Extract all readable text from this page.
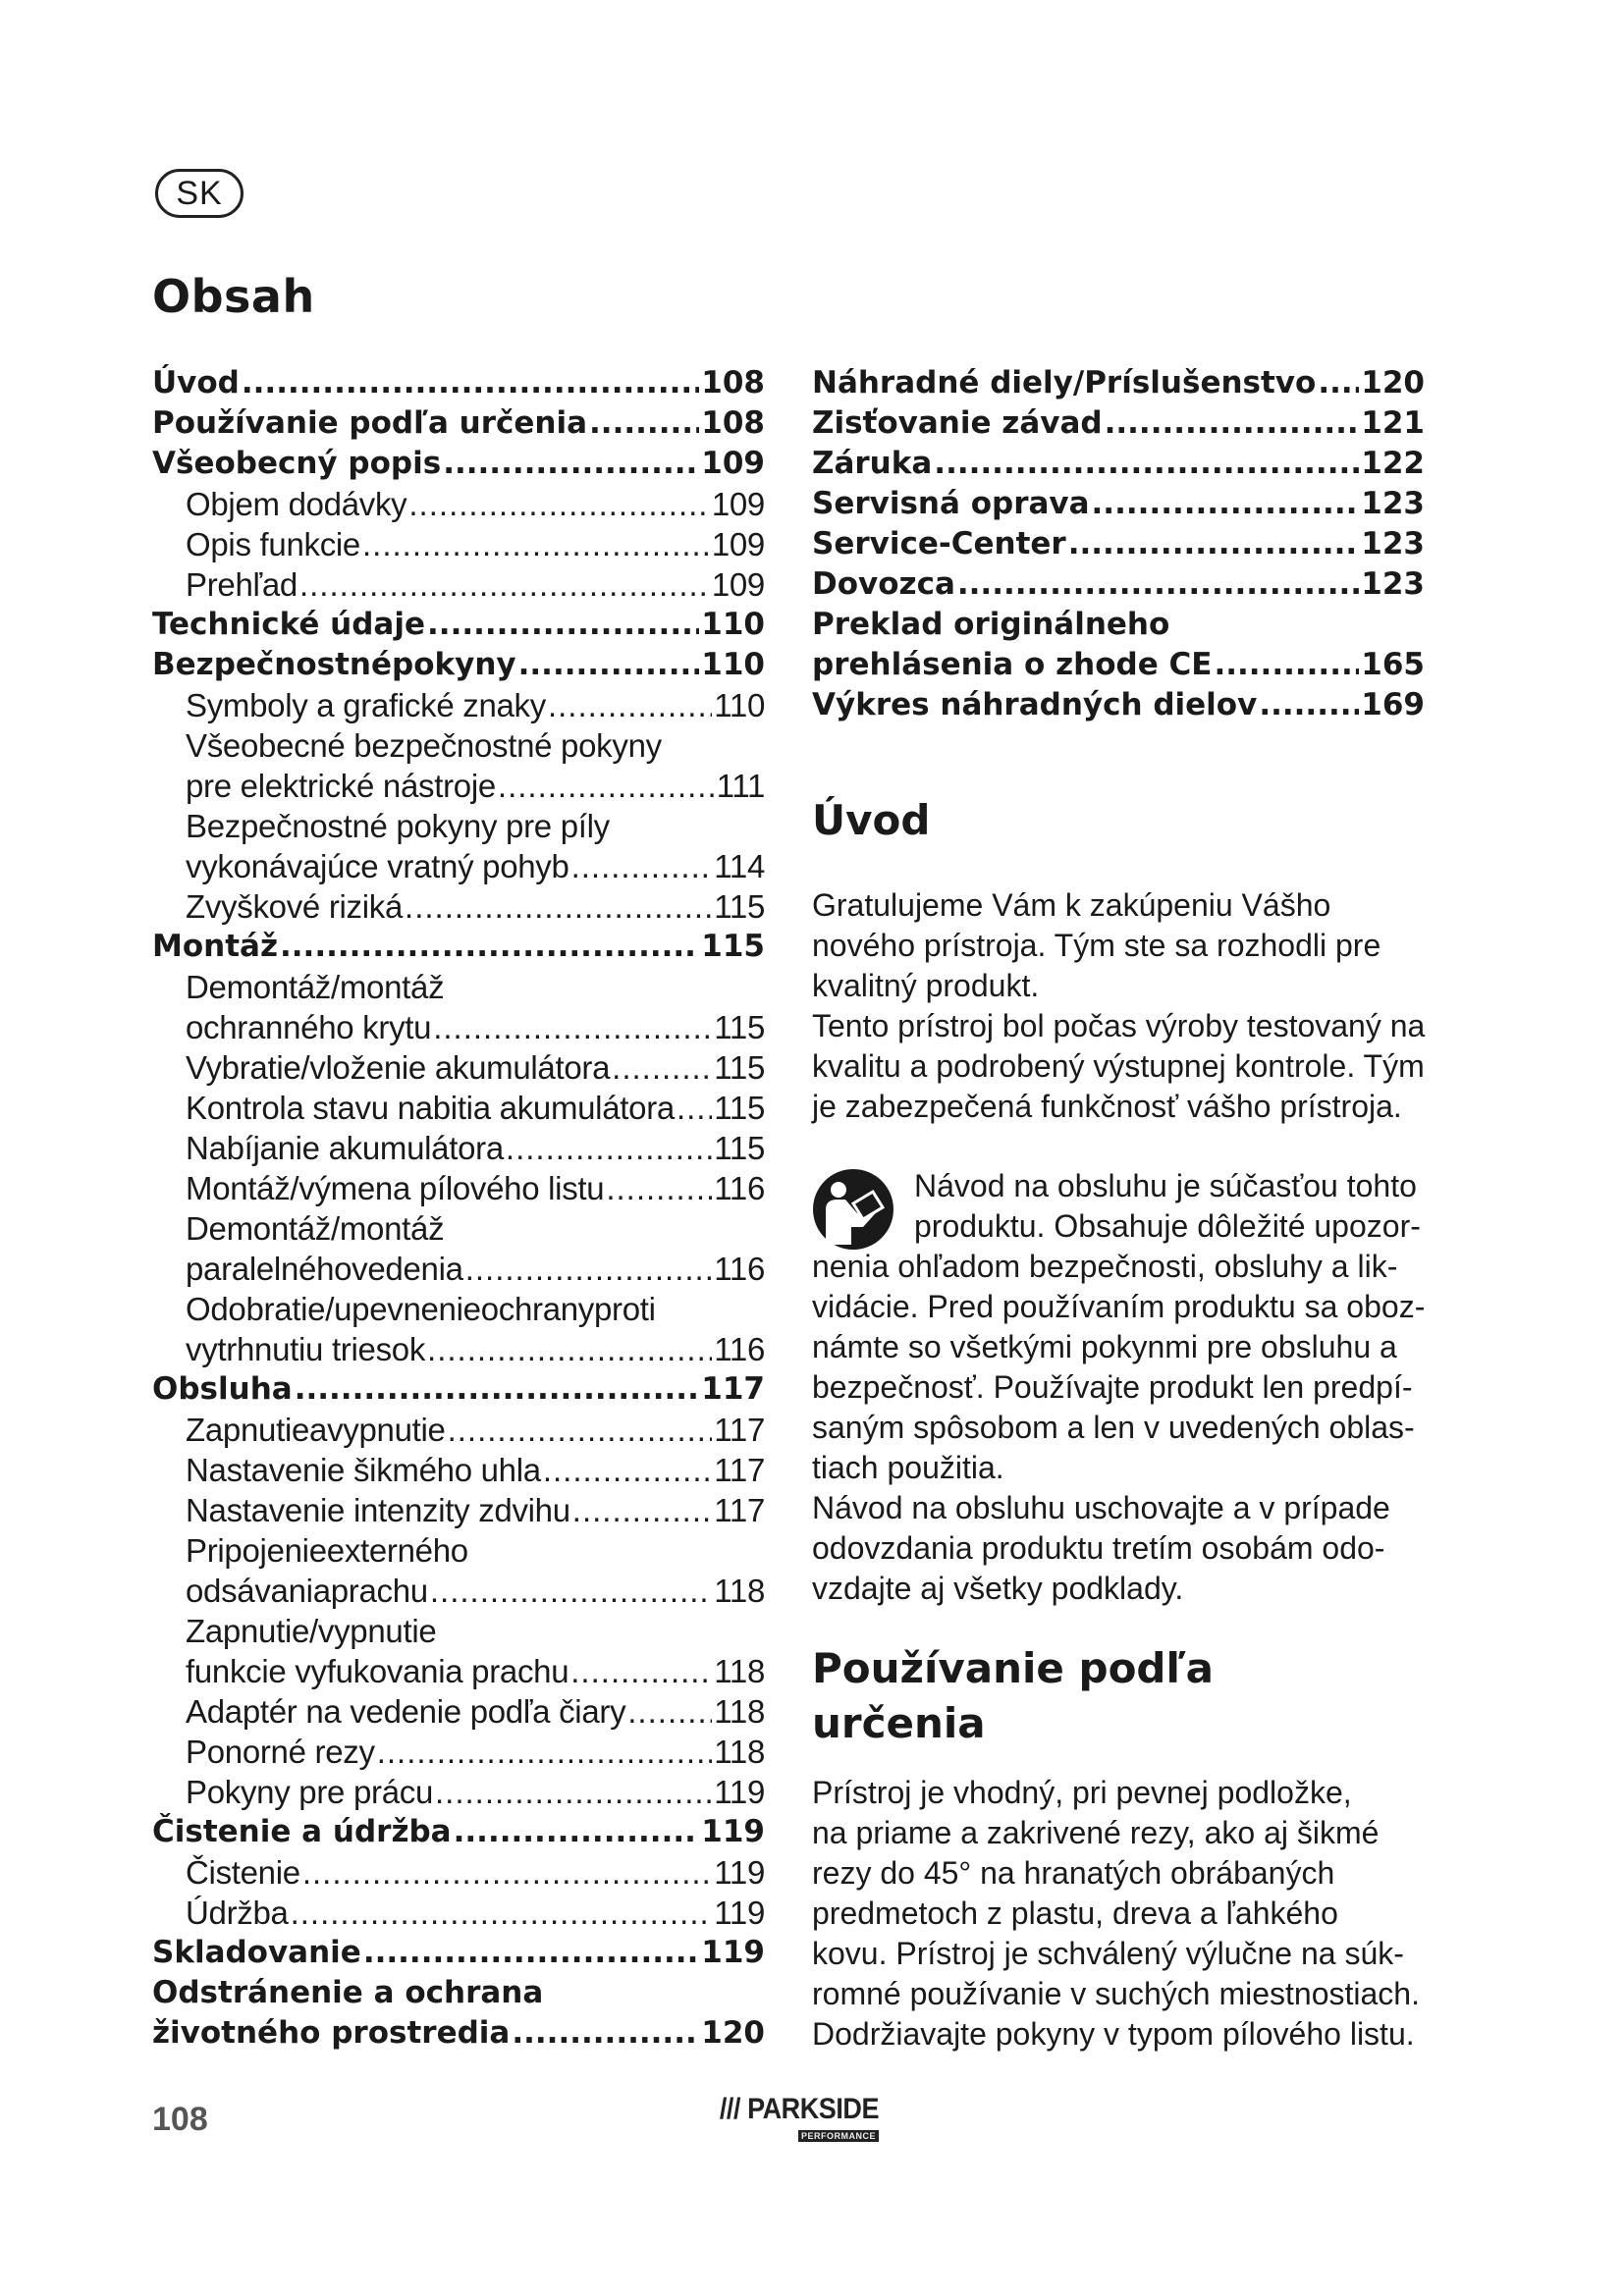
SK
Obsah
Úvod .....	108
Používanie podľa určenia .....	108
Všeobecný popis .....	109
Objem dodávky .....	109
Opis funkcie .....	109
Prehľad .....	109
Technické údaje .....	110
Bezpečnostnépokyny .....	110
Symboly a grafické znaky .....	110
Všeobecné bezpečnostné pokyny
pre elektrické nástroje .....	111
Bezpečnostné pokyny pre píly
vykonávajúce vratný pohyb .....	114
Zvyškové riziká .....	115
Montáž .....	115
Demontáž/montáž
ochranného krytu .....	115
Vybratie/vloženie akumulátora .....	115
Kontrola stavu nabitia akumulátora ..... 115
Nabíjanie akumulátora .....	115
Montáž/výmena pílového listu .....	116
Demontáž/montáž
paralelnéhovedenia .....	116
Odobratie/upevnenieochranyproti
vytrhnutiu triesok .....	116
Obsluha .....	117
Zapnutieavypnutie .....	117
Nastavenie šikmého uhla .....	117
Nastavenie intenzity zdvihu .....	117
Pripojenieexterného
odsávaniaprachu .....	118
Zapnutie/vypnutie
funkcie vyfukovania prachu .....	118
Adaptér na vedenie podľa čiary .....	118
Ponorné rezy .....	118
Pokyny pre prácu .....	119
Čistenie a údržba .....	119
Čistenie .....	119
Údržba .....	119
Skladovanie .....	119
Odstránenie a ochrana
životného prostredia .....	120
Náhradné diely/Príslušenstvo ..... 120
Zisťovanie závad .....	121
Záruka .....	122
Servisná oprava .....	123
Service-Center .....	123
Dovozca .....	123
Preklad originálneho
prehlásenia o zhode CE .....	165
Výkres náhradných dielov .....	169
Úvod
Gratulujeme Vám k zakúpeniu Vášho
nového prístroja. Tým ste sa rozhodli pre
kvalitný produkt.
Tento prístroj bol počas výroby testovaný na
kvalitu a podrobený výstupnej kontrole. Tým
je zabezpečená funkčnosť vášho prístroja.
Návod na obsluhu je súčasťou tohto
produktu. Obsahuje dôležité upozor-
nenia ohľadom bezpečnosti, obsluhy a lik-
vidácie. Pred používaním produktu sa oboz-
námte so všetkými pokynmi pre obsluhu a
bezpečnosť. Používajte produkt len predpí-
saným spôsobom a len v uvedených oblas-
tiach použitia.
Návod na obsluhu uschovajte a v prípade
odovzdania produktu tretím osobám odo-
vzdajte aj všetky podklady.
Používanie podľa
určenia
Prístroj je vhodný, pri pevnej podložke,
na priame a zakrivené rezy, ako aj šikmé
rezy do 45° na hranatých obrábaných
predmetoch z plastu, dreva a ľahkého
kovu. Prístroj je schválený výlučne na súk-
romné používanie v suchých miestnostiach.
Dodržiavajte pokyny v typom pílového listu.
108	/// PARKSIDE
PERFORMANCE
